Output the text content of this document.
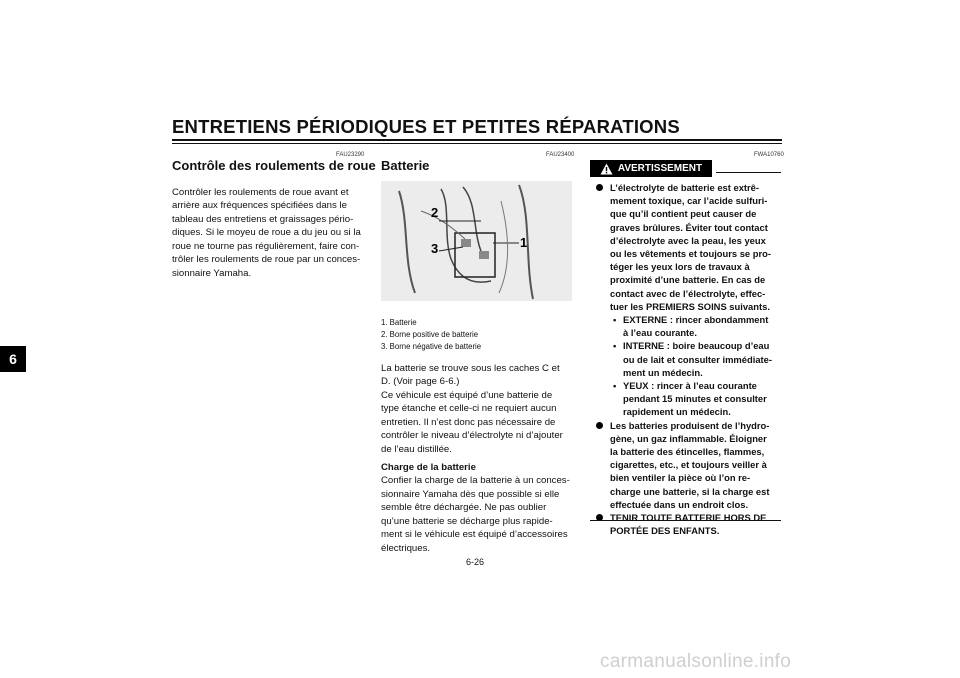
ENTRETIENS PÉRIODIQUES ET PETITES RÉPARATIONS
6
FAU23290
Contrôle des roulements de roue

Contrôler les roulements de roue avant et
arrière aux fréquences spécifiées dans le
tableau des entretiens et graissages pério-
diques. Si le moyeu de roue a du jeu ou si la
roue ne tourne pas régulièrement, faire con-
trôler les roulements de roue par un conces-
sionnaire Yamaha.
FAU23400
Batterie
2
3	1

1. Batterie
2. Borne positive de batterie
3. Borne négative de batterie

La batterie se trouve sous les caches C et
D. (Voir page 6-6.)
Ce véhicule est équipé d’une batterie de
type étanche et celle-ci ne requiert aucun
entretien. Il n’est donc pas nécessaire de
contrôler le niveau d’électrolyte ni d’ajouter
de l’eau distillée.

Charge de la batterie
Confier la charge de la batterie à un conces-
sionnaire Yamaha dès que possible si elle
semble être déchargée. Ne pas oublier
qu’une batterie se décharge plus rapide-
ment si le véhicule est équipé d’accessoires
électriques.
FWA10760
AVERTISSEMENT
L’électrolyte de batterie est extrê-
mement toxique, car l’acide sulfuri-
que qu’il contient peut causer de
graves brûlures. Éviter tout contact
d’électrolyte avec la peau, les yeux
ou les vêtements et toujours se pro-
téger les yeux lors de travaux à
proximité d’une batterie. En cas de
contact avec de l’électrolyte, effec-
tuer les PREMIERS SOINS suivants.

• EXTERNE : rincer abondamment
à l’eau courante.
• INTERNE : boire beaucoup d’eau
ou de lait et consulter immédiate-
ment un médecin.
• YEUX : rincer à l’eau courante
pendant 15 minutes et consulter
rapidement un médecin.
Les batteries produisent de l’hydro-
gène, un gaz inflammable. Éloigner
la batterie des étincelles, flammes,
cigarettes, etc., et toujours veiller à
bien ventiler la pièce où l’on re-
charge une batterie, si la charge est
effectuée dans un endroit clos.
TENIR TOUTE BATTERIE HORS DE
PORTÉE DES ENFANTS.
6-26
carmanualsonline.info
